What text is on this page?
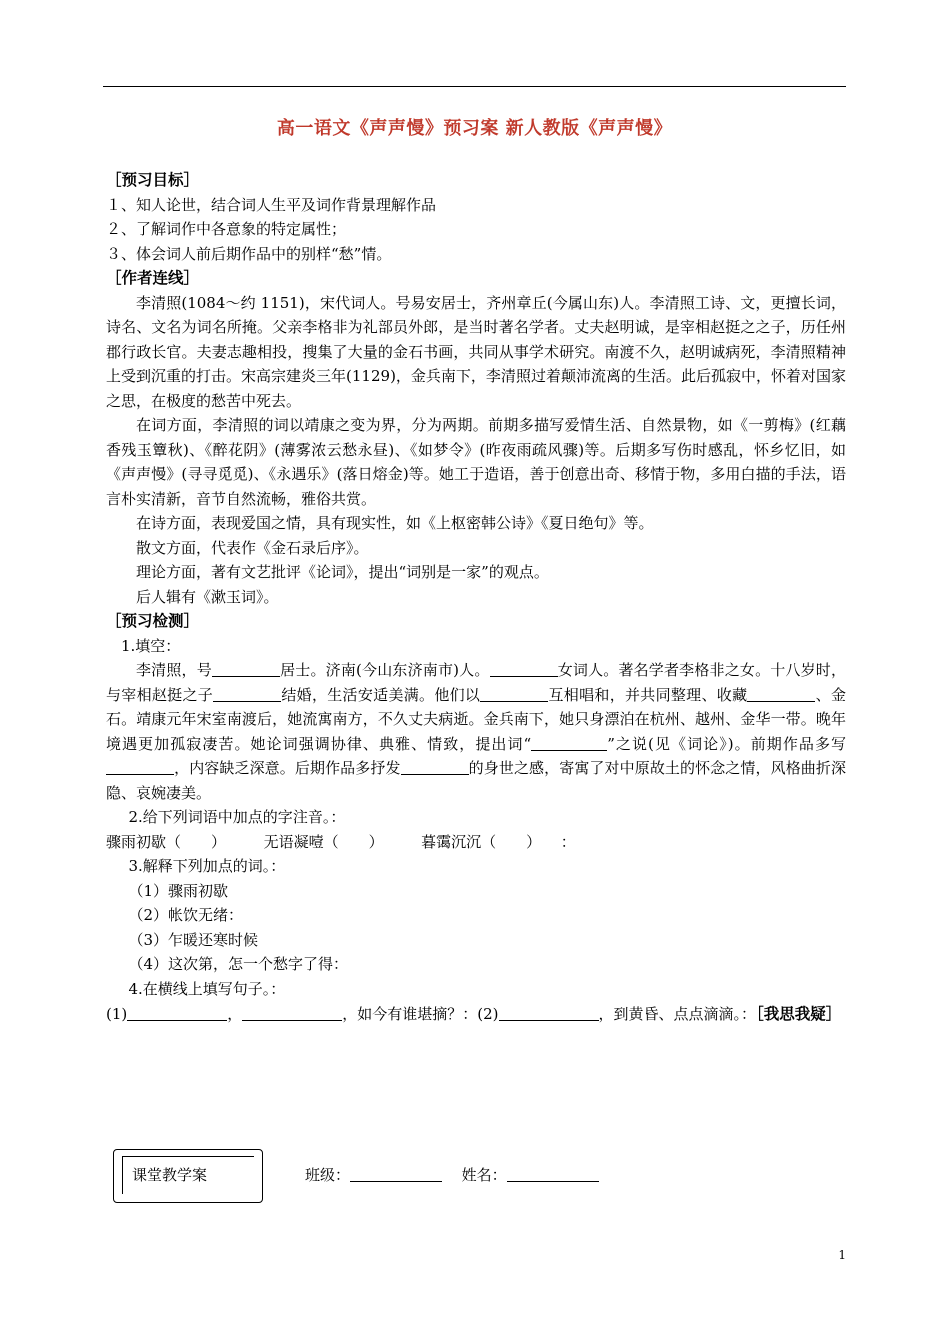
高一语文《声声慢》预习案 新人教版《声声慢》
［预习目标］
１、知人论世，结合词人生平及词作背景理解作品
２、了解词作中各意象的特定属性；
３、体会词人前后期作品中的别样“愁”情。
［作者连线］
李清照(1084～约 1151)，宋代词人。号易安居士，齐州章丘(今属山东)人。李清照工诗、文，更擅长词，诗名、文名为词名所掩。父亲李格非为礼部员外郎，是当时著名学者。丈夫赵明诚，是宰相赵挺之之子，历任州郡行政长官。夫妻志趣相投，搜集了大量的金石书画，共同从事学术研究。南渡不久，赵明诚病死，李清照精神上受到沉重的打击。宋高宗建炎三年(1129)，金兵南下，李清照过着颠沛流离的生活。此后孤寂中，怀着对国家之思，在极度的愁苦中死去。
在词方面，李清照的词以靖康之变为界，分为两期。前期多描写爱情生活、自然景物，如《一剪梅》(红藕香残玉簟秋)、《醉花阴》(薄雾浓云愁永昼)、《如梦令》(昨夜雨疏风骤)等。后期多写伤时感乱，怀乡忆旧，如《声声慢》(寻寻觅觅)、《永遇乐》(落日熔金)等。她工于造语，善于创意出奇、移情于物，多用白描的手法，语言朴实清新，音节自然流畅，雅俗共赏。
在诗方面，表现爱国之情，具有现实性，如《上枢密韩公诗》《夏日绝句》等。
散文方面，代表作《金石录后序》。
理论方面，著有文艺批评《论词》，提出“词别是一家”的观点。
后人辑有《漱玉词》。
［预习检测］
1.填空：
李清照，号	居士。济南(今山东济南市)人。	女词人。著名学者李格非之女。十八岁时，与宰相赵挺之子	结婚，生活安适美满。他们以	互相唱和，并共同整理、收藏	、金石。靖康元年宋室南渡后，她流寓南方，不久丈夫病逝。金兵南下，她只身漂泊在杭州、越州、金华一带。晚年境遇更加孤寂凄苦。她论词强调协律、典雅、情致，提出词“	”之说(见《词论》)。前期作品多写，内容缺乏深意。后期作品多抒发	的身世之感，寄寓了对中原故土的怀念之情，风格曲折深隐、哀婉凄美。
2.给下列词语中加点的字注音。：
骤雨初歇（　　）	无语凝噎（　　）	暮霭沉沉（　　） ：
3.解释下列加点的词。：
（1）骤雨初歇
（2）帐饮无绪：
（3）乍暖还寒时候
（4）这次第，怎一个愁字了得：
4.在横线上填写句子。：
(1)	，	，如今有谁堪摘？：(2)	，到黄昏、点点滴滴。：［我思我疑］
课堂教学案	班级：	姓名：
1
